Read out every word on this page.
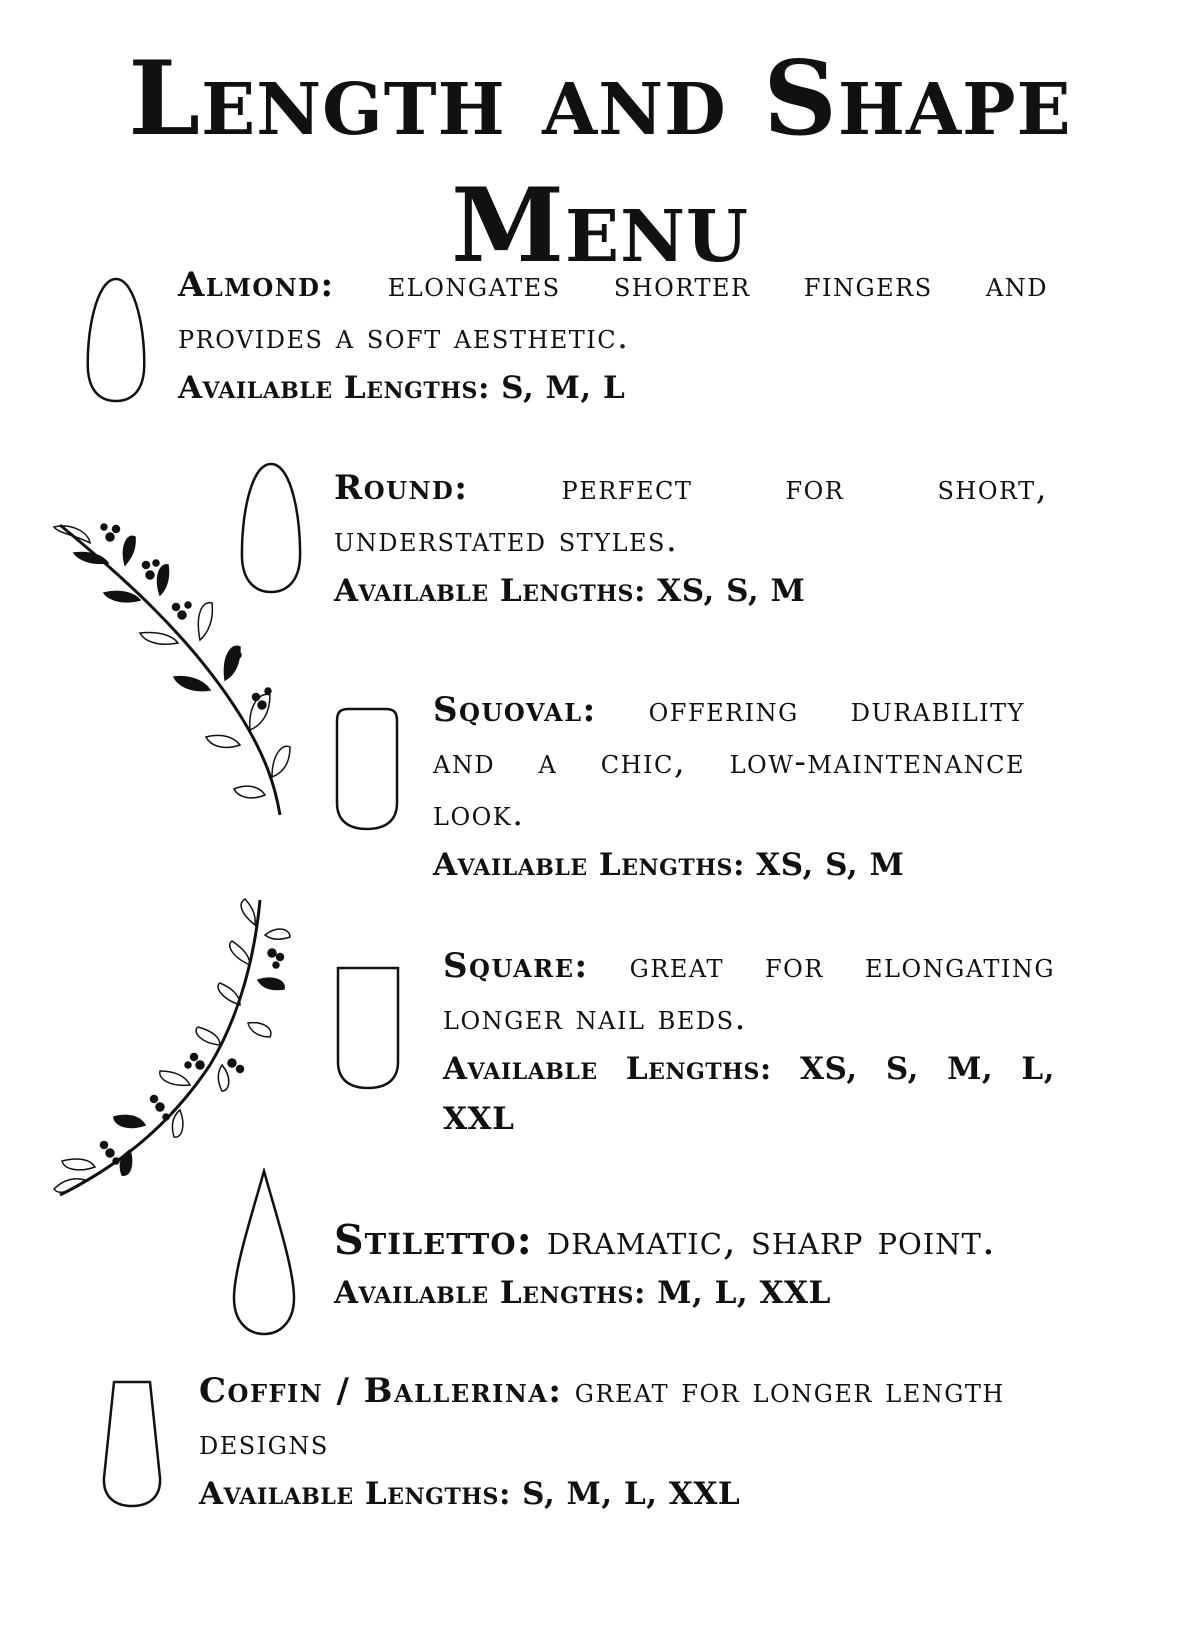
Length and Shape
Menu
Almond: elongates shorter fingers and
provides a soft aesthetic.
Available Lengths: S, M, L
Round:	perfect for short,
understated styles.
Available Lengths: XS, S, M
Squoval: offering durability
and a chic, low-maintenance
look.
Available Lengths: XS, S, M
Square: great for elongating
longer nail beds.
Available Lengths: XS, S, M, L,
XXL
Stiletto: dramatic, sharp point.
Available Lengths: M, L, XXL
Coffin / Ballerina: great for longer length
designs
Available Lengths: S, M, L, XXL
